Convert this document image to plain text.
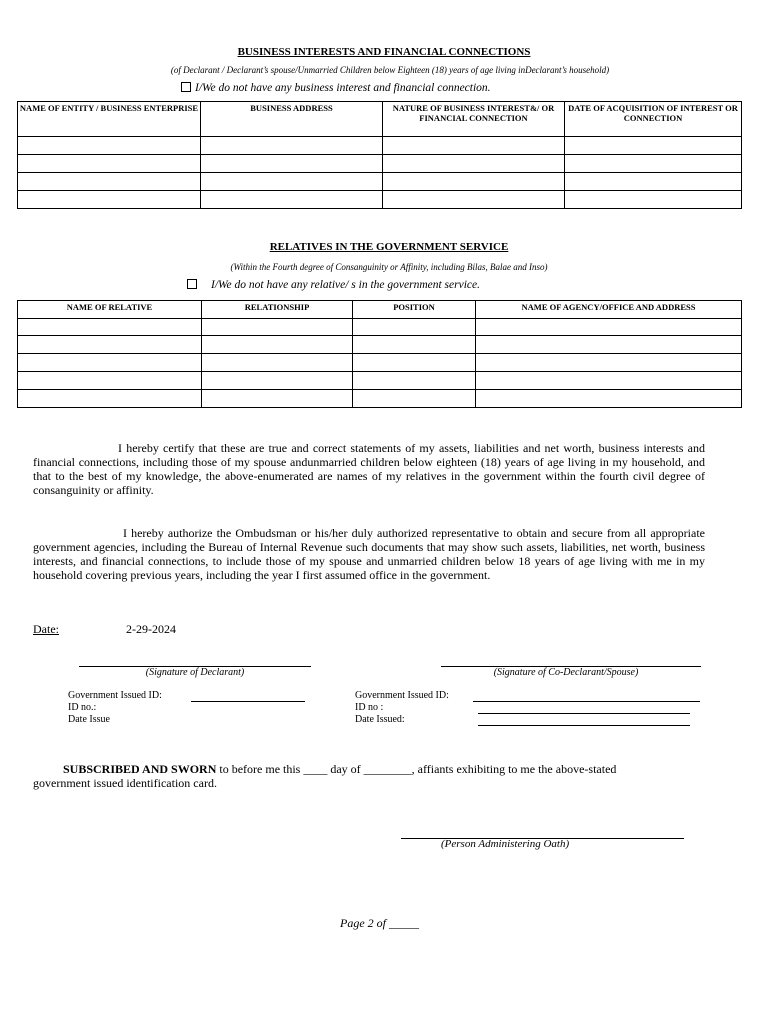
BUSINESS INTERESTS AND FINANCIAL CONNECTIONS
(of Declarant / Declarant’s spouse/Unmarried Children below Eighteen (18) years of age living inDeclarant’s household)
I/We do not have any business interest and financial connection.
NAME OF ENTITY / BUSINESS ENTERPRISE	BUSINESS ADDRESS	NATURE OF BUSINESS INTEREST&/ OR FINANCIAL CONNECTION	DATE OF ACQUISITION OF INTEREST OR CONNECTION

RELATIVES IN THE GOVERNMENT SERVICE
(Within the Fourth degree of Consanguinity or Affinity, including Bilas, Balae and Inso)
I/We do not have any relative/ s in the government service.
NAME OF RELATIVE	RELATIONSHIP	POSITION	NAME OF AGENCY/OFFICE AND ADDRESS

I hereby certify that these are true and correct statements of my assets, liabilities and net worth, business interests and financial connections, including those of my spouse andunmarried children below eighteen (18) years of age living in my household, and that to the best of my knowledge, the above-enumerated are names of my relatives in the government within the fourth civil degree of consanguinity or affinity.
I hereby authorize the Ombudsman or his/her duly authorized representative to obtain and secure from all appropriate government agencies, including the Bureau of Internal Revenue such documents that may show such assets, liabilities, net worth, business interests, and financial connections, to include those of my spouse and unmarried children below 18 years of age living with me in my household covering previous years, including the year I first assumed office in the government.
Date:	2-29-2024
(Signature of Declarant)	(Signature of Co-Declarant/Spouse)
Government Issued ID:
ID no.:
Date Issue
Government Issued ID:
ID no :
Date Issued:
SUBSCRIBED AND SWORN to before me this ____ day of ________, affiants exhibiting to me the above-stated
government issued identification card.
(Person Administering Oath)
Page 2 of _____
